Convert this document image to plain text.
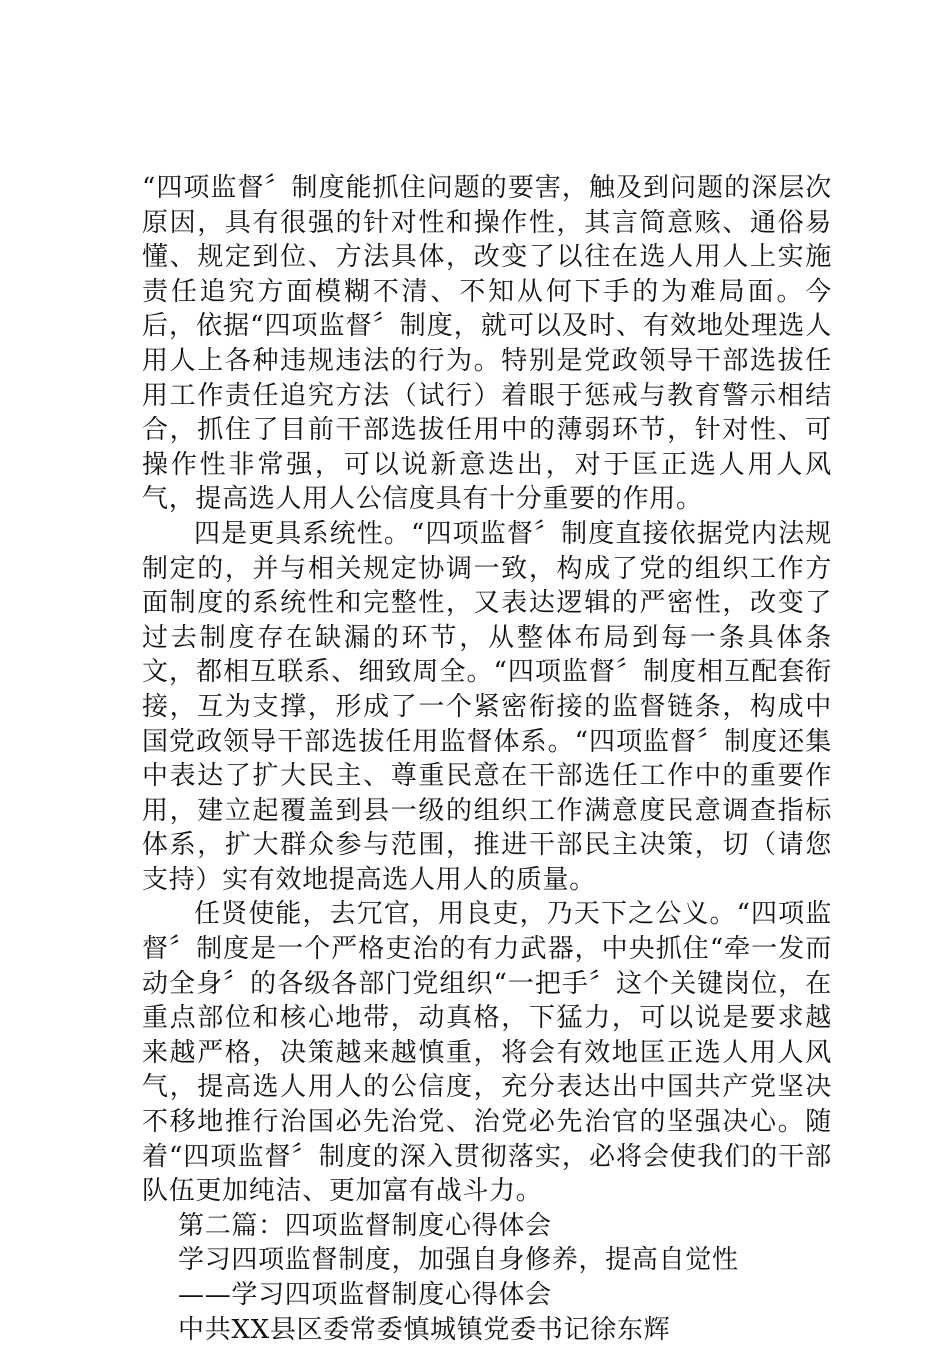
“四项监督〞制度能抓住问题的要害，触及到问题的深层次原因，具有很强的针对性和操作性，其言简意赅、通俗易懂、规定到位、方法具体，改变了以往在选人用人上实施责任追究方面模糊不清、不知从何下手的为难局面。今后，依据“四项监督〞制度，就可以及时、有效地处理选人用人上各种违规违法的行为。特别是党政领导干部选拔任用工作责任追究方法（试行）着眼于惩戒与教育警示相结合，抓住了目前干部选拔任用中的薄弱环节，针对性、可操作性非常强，可以说新意迭出，对于匡正选人用人风气，提高选人用人公信度具有十分重要的作用。

四是更具系统性。“四项监督〞制度直接依据党内法规制定的，并与相关规定协调一致，构成了党的组织工作方面制度的系统性和完整性，又表达逻辑的严密性，改变了过去制度存在缺漏的环节，从整体布局到每一条具体条文，都相互联系、细致周全。“四项监督〞制度相互配套衔接，互为支撑，形成了一个紧密衔接的监督链条，构成中国党政领导干部选拔任用监督体系。“四项监督〞制度还集中表达了扩大民主、尊重民意在干部选任工作中的重要作用，建立起覆盖到县一级的组织工作满意度民意调查指标体系，扩大群众参与范围，推进干部民主决策，切（请您支持）实有效地提高选人用人的质量。

任贤使能，去冗官，用良吏，乃天下之公义。“四项监督〞制度是一个严格吏治的有力武器，中央抓住“牵一发而动全身〞的各级各部门党组织“一把手〞这个关键岗位，在重点部位和核心地带，动真格，下猛力，可以说是要求越来越严格，决策越来越慎重，将会有效地匡正选人用人风气，提高选人用人的公信度，充分表达出中国共产党坚决不移地推行治国必先治党、治党必先治官的坚强决心。随着“四项监督〞制度的深入贯彻落实，必将会使我们的干部队伍更加纯洁、更加富有战斗力。

第二篇：四项监督制度心得体会

学习四项监督制度，加强自身修养，提高自觉性

——学习四项监督制度心得体会

中共XX县区委常委慎城镇党委书记徐东辉
